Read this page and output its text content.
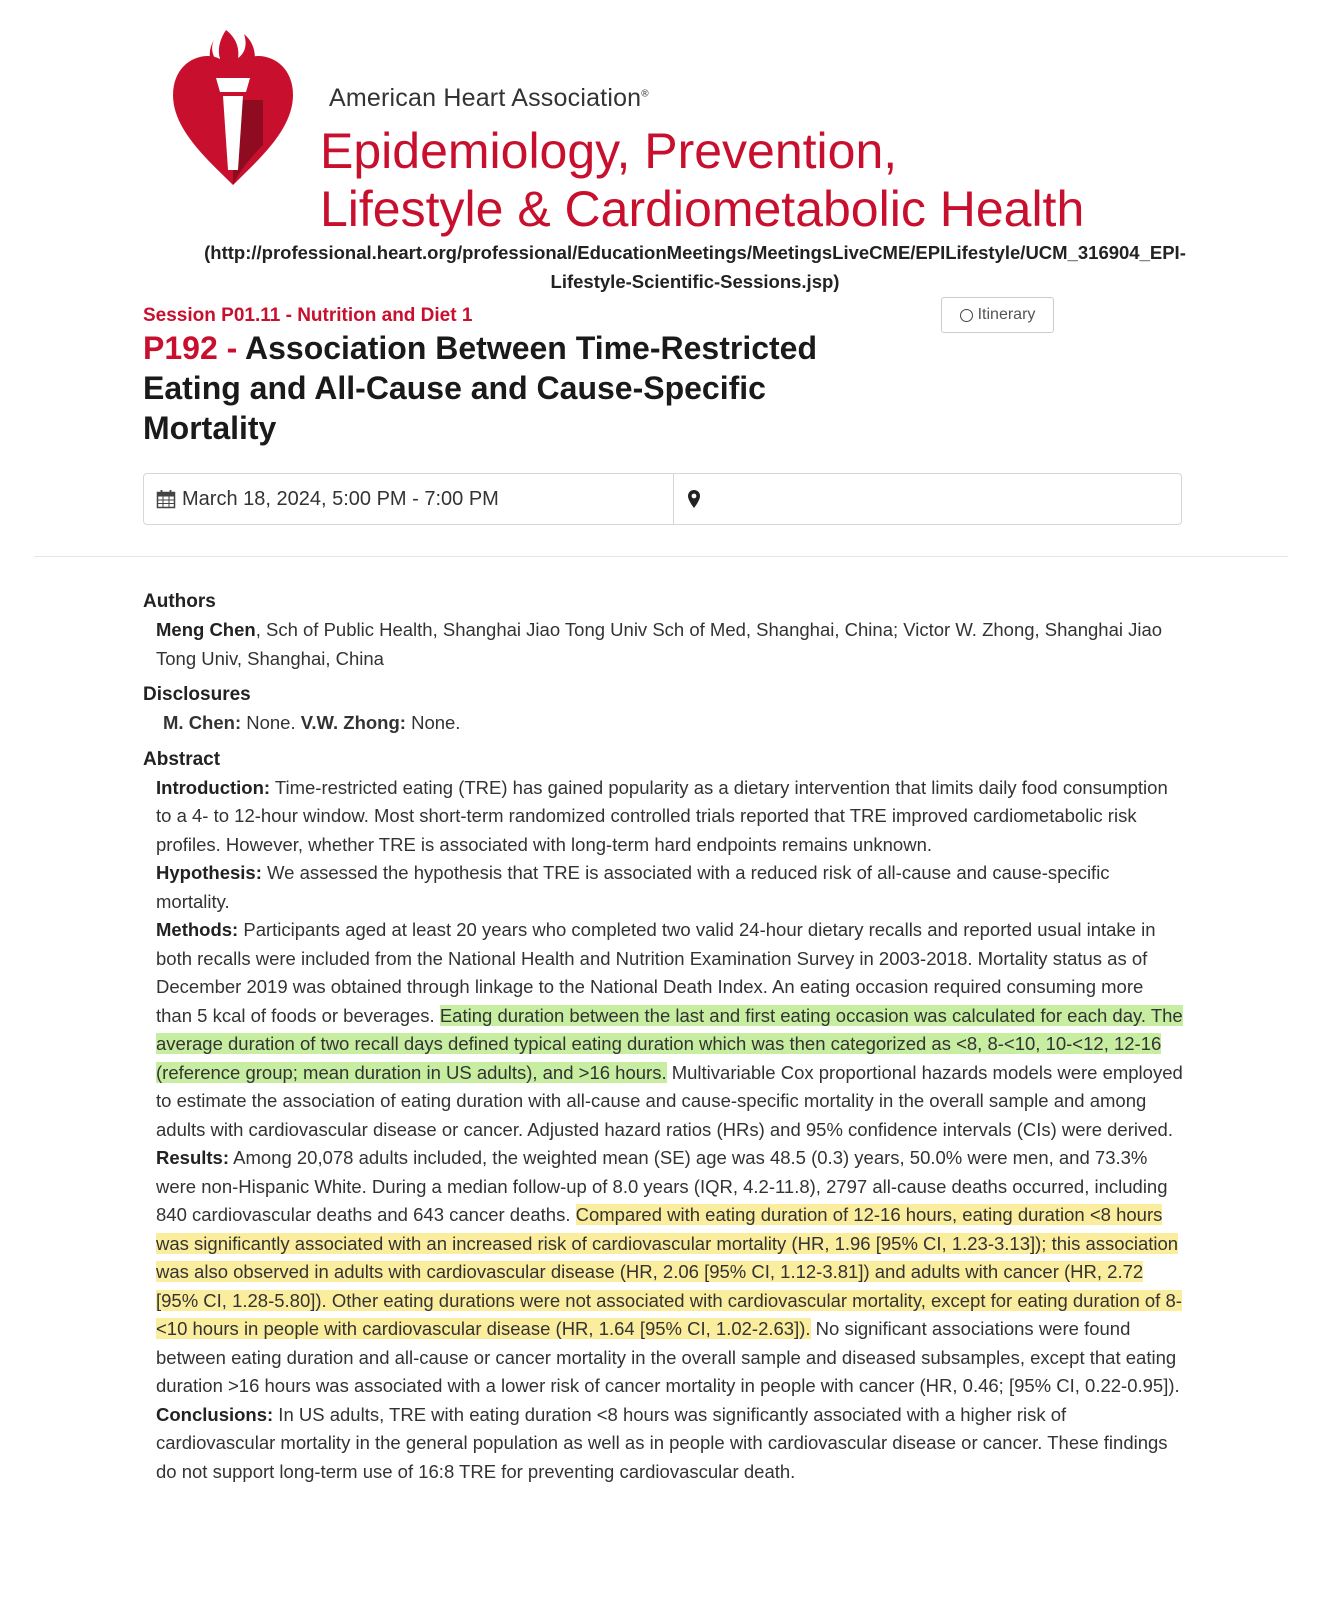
American Heart Association®
Epidemiology, Prevention,
Lifestyle & Cardiometabolic Health
(http://professional.heart.org/professional/EducationMeetings/MeetingsLiveCME/EPILifestyle/UCM_316904_EPI-
Lifestyle-Scientific-Sessions.jsp)
Session P01.11 - Nutrition and Diet 1
P192 - Association Between Time-Restricted Eating and All-Cause and Cause-Specific Mortality
Itinerary
March 18, 2024, 5:00 PM - 7:00 PM
Authors
Meng Chen, Sch of Public Health, Shanghai Jiao Tong Univ Sch of Med, Shanghai, China; Victor W. Zhong, Shanghai Jiao Tong Univ, Shanghai, China
Disclosures
M. Chen: None. V.W. Zhong: None.
Abstract
Introduction: Time-restricted eating (TRE) has gained popularity as a dietary intervention that limits daily food consumption to a 4- to 12-hour window. Most short-term randomized controlled trials reported that TRE improved cardiometabolic risk profiles. However, whether TRE is associated with long-term hard endpoints remains unknown.
Hypothesis: We assessed the hypothesis that TRE is associated with a reduced risk of all-cause and cause-specific mortality.
Methods: Participants aged at least 20 years who completed two valid 24-hour dietary recalls and reported usual intake in both recalls were included from the National Health and Nutrition Examination Survey in 2003-2018. Mortality status as of December 2019 was obtained through linkage to the National Death Index. An eating occasion required consuming more than 5 kcal of foods or beverages. Eating duration between the last and first eating occasion was calculated for each day. The average duration of two recall days defined typical eating duration which was then categorized as <8, 8-<10, 10-<12, 12-16 (reference group; mean duration in US adults), and >16 hours. Multivariable Cox proportional hazards models were employed to estimate the association of eating duration with all-cause and cause-specific mortality in the overall sample and among adults with cardiovascular disease or cancer. Adjusted hazard ratios (HRs) and 95% confidence intervals (CIs) were derived.
Results: Among 20,078 adults included, the weighted mean (SE) age was 48.5 (0.3) years, 50.0% were men, and 73.3% were non-Hispanic White. During a median follow-up of 8.0 years (IQR, 4.2-11.8), 2797 all-cause deaths occurred, including 840 cardiovascular deaths and 643 cancer deaths. Compared with eating duration of 12-16 hours, eating duration <8 hours was significantly associated with an increased risk of cardiovascular mortality (HR, 1.96 [95% CI, 1.23-3.13]); this association was also observed in adults with cardiovascular disease (HR, 2.06 [95% CI, 1.12-3.81]) and adults with cancer (HR, 2.72 [95% CI, 1.28-5.80]). Other eating durations were not associated with cardiovascular mortality, except for eating duration of 8-<10 hours in people with cardiovascular disease (HR, 1.64 [95% CI, 1.02-2.63]). No significant associations were found between eating duration and all-cause or cancer mortality in the overall sample and diseased subsamples, except that eating duration >16 hours was associated with a lower risk of cancer mortality in people with cancer (HR, 0.46; [95% CI, 0.22-0.95]).
Conclusions: In US adults, TRE with eating duration <8 hours was significantly associated with a higher risk of cardiovascular mortality in the general population as well as in people with cardiovascular disease or cancer. These findings do not support long-term use of 16:8 TRE for preventing cardiovascular death.
